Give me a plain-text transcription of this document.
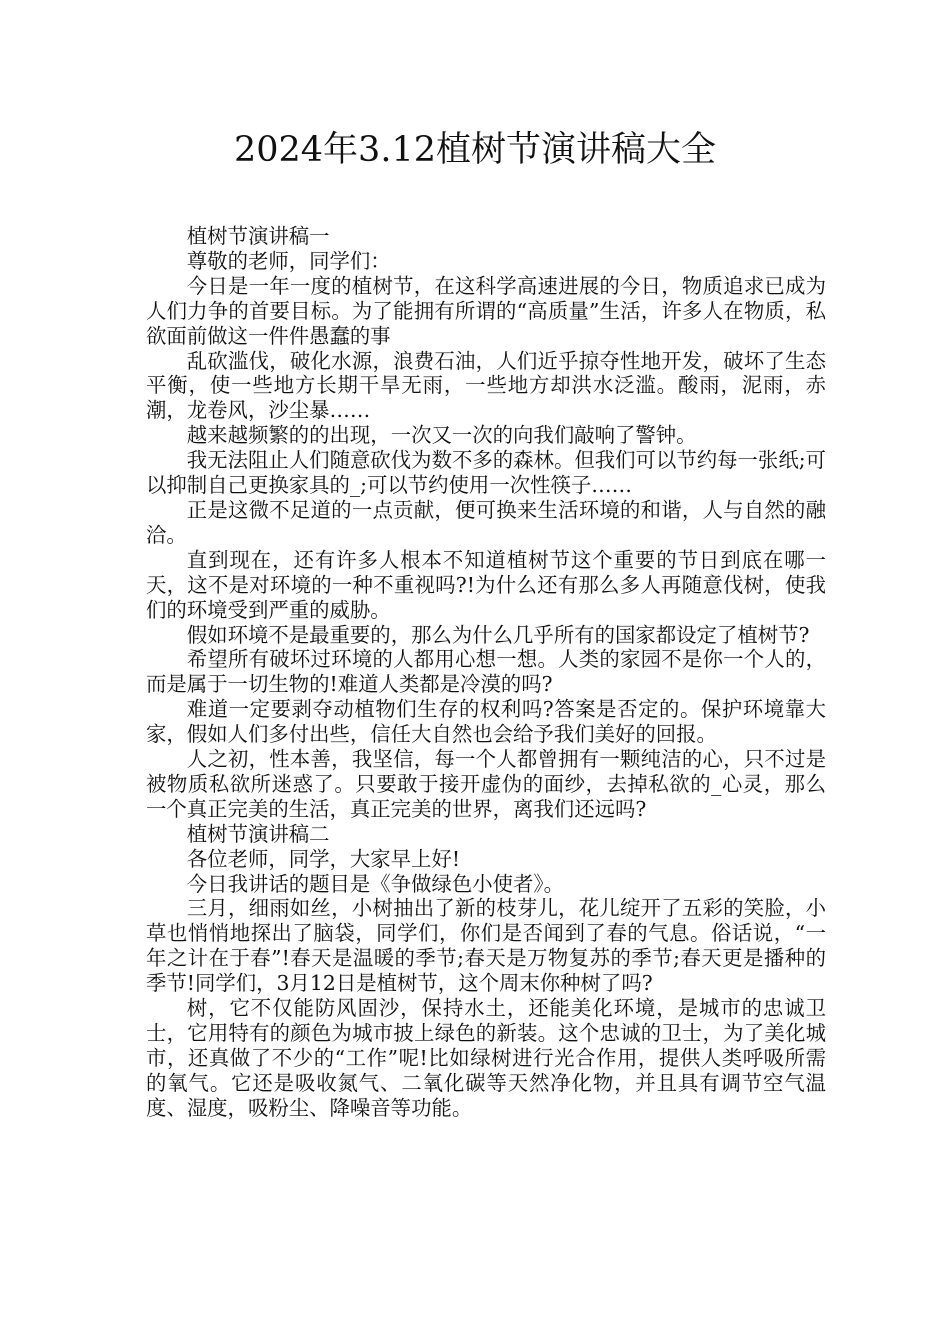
2024年3.12植树节演讲稿大全

植树节演讲稿一

尊敬的老师，同学们：

今日是一年一度的植树节，在这科学高速进展的今日，物质追求已成为人们力争的首要目标。为了能拥有所谓的“高质量”生活，许多人在物质，私欲面前做这一件件愚蠢的事

乱砍滥伐，破化水源，浪费石油，人们近乎掠夺性地开发，破坏了生态平衡，使一些地方长期干旱无雨，一些地方却洪水泛滥。酸雨，泥雨，赤潮，龙卷风，沙尘暴……

越来越频繁的的出现，一次又一次的向我们敲响了警钟。

我无法阻止人们随意砍伐为数不多的森林。但我们可以节约每一张纸;可以抑制自己更换家具的_;可以节约使用一次性筷子……

正是这微不足道的一点贡献，便可换来生活环境的和谐，人与自然的融洽。

直到现在，还有许多人根本不知道植树节这个重要的节日到底在哪一天，这不是对环境的一种不重视吗?!为什么还有那么多人再随意伐树，使我们的环境受到严重的威胁。

假如环境不是最重要的，那么为什么几乎所有的国家都设定了植树节?

希望所有破坏过环境的人都用心想一想。人类的家园不是你一个人的，而是属于一切生物的!难道人类都是冷漠的吗?

难道一定要剥夺动植物们生存的权利吗?答案是否定的。保护环境靠大家，假如人们多付出些，信任大自然也会给予我们美好的回报。

人之初，性本善，我坚信，每一个人都曾拥有一颗纯洁的心，只不过是被物质私欲所迷惑了。只要敢于接开虚伪的面纱，去掉私欲的_心灵，那么一个真正完美的生活，真正完美的世界，离我们还远吗?

植树节演讲稿二

各位老师，同学，大家早上好!

今日我讲话的题目是《争做绿色小使者》。

三月，细雨如丝，小树抽出了新的枝芽儿，花儿绽开了五彩的笑脸，小草也悄悄地探出了脑袋，同学们，你们是否闻到了春的气息。俗话说，“一年之计在于春”!春天是温暖的季节;春天是万物复苏的季节;春天更是播种的季节!同学们，3月12日是植树节，这个周末你种树了吗?

树，它不仅能防风固沙，保持水土，还能美化环境，是城市的忠诚卫士，它用特有的颜色为城市披上绿色的新装。这个忠诚的卫士，为了美化城市，还真做了不少的“工作”呢!比如绿树进行光合作用，提供人类呼吸所需的氧气。它还是吸收氮气、二氧化碳等天然净化物，并且具有调节空气温度、湿度，吸粉尘、降噪音等功能。
